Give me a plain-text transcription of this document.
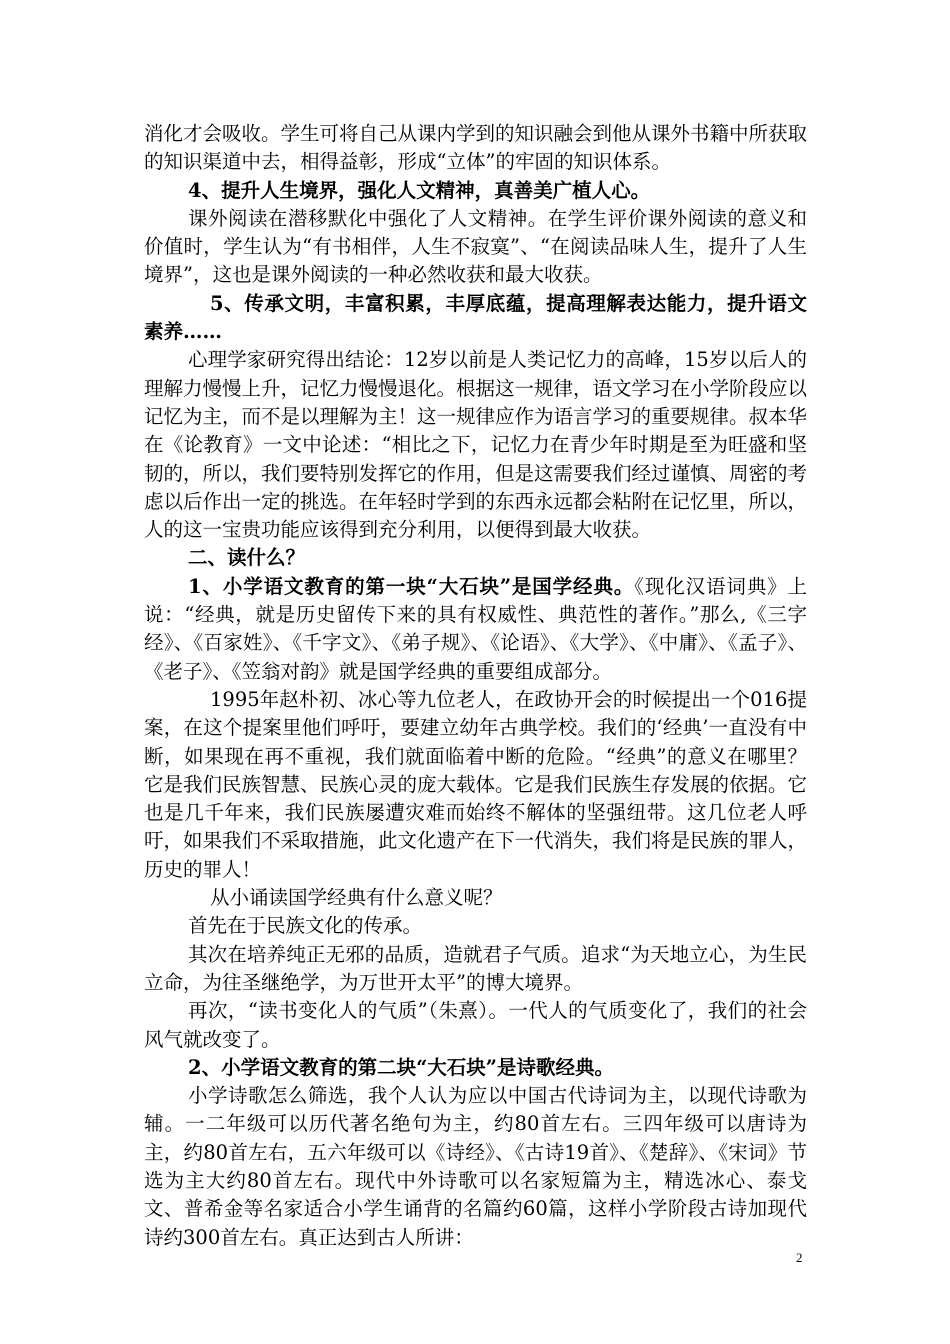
消化才会吸收。学生可将自己从课内学到的知识融会到他从课外书籍中所获取的知识渠道中去，相得益彰，形成“立体”的牢固的知识体系。

4、提升人生境界，强化人文精神，真善美广植人心。

课外阅读在潜移默化中强化了人文精神。在学生评价课外阅读的意义和价值时，学生认为“有书相伴，人生不寂寞”、“在阅读品味人生，提升了人生境界”，这也是课外阅读的一种必然收获和最大收获。

5、传承文明，丰富积累，丰厚底蕴，提高理解表达能力，提升语文素养……

心理学家研究得出结论：12岁以前是人类记忆力的高峰，15岁以后人的理解力慢慢上升，记忆力慢慢退化。根据这一规律，语文学习在小学阶段应以记忆为主，而不是以理解为主！这一规律应作为语言学习的重要规律。叔本华在《论教育》一文中论述：“相比之下，记忆力在青少年时期是至为旺盛和坚韧的，所以，我们要特别发挥它的作用，但是这需要我们经过谨慎、周密的考虑以后作出一定的挑选。在年轻时学到的东西永远都会粘附在记忆里，所以，人的这一宝贵功能应该得到充分利用，以便得到最大收获。

二、读什么？

1、小学语文教育的第一块“大石块”是国学经典。《现化汉语词典》上说：“经典，就是历史留传下来的具有权威性、典范性的著作。”那么,《三字经》、《百家姓》、《千字文》、《弟子规》、《论语》、《大学》、《中庸》、《孟子》、《老子》、《笠翁对韵》就是国学经典的重要组成部分。

1995年赵朴初、冰心等九位老人，在政协开会的时候提出一个016提案，在这个提案里他们呼吁，要建立幼年古典学校。我们的‘经典’一直没有中断，如果现在再不重视，我们就面临着中断的危险。“经典”的意义在哪里？它是我们民族智慧、民族心灵的庞大载体。它是我们民族生存发展的依据。它也是几千年来，我们民族屡遭灾难而始终不解体的坚强纽带。这几位老人呼吁，如果我们不采取措施，此文化遗产在下一代消失，我们将是民族的罪人，历史的罪人！

从小诵读国学经典有什么意义呢？

首先在于民族文化的传承。

其次在培养纯正无邪的品质，造就君子气质。追求“为天地立心，为生民立命，为往圣继绝学，为万世开太平”的博大境界。

再次，“读书变化人的气质”（朱熹）。一代人的气质变化了，我们的社会风气就改变了。

2、小学语文教育的第二块“大石块”是诗歌经典。

小学诗歌怎么筛选，我个人认为应以中国古代诗词为主，以现代诗歌为辅。一二年级可以历代著名绝句为主，约80首左右。三四年级可以唐诗为主，约80首左右，五六年级可以《诗经》、《古诗19首》、《楚辞》、《宋词》节选为主大约80首左右。现代中外诗歌可以名家短篇为主，精选冰心、泰戈文、普希金等名家适合小学生诵背的名篇约60篇，这样小学阶段古诗加现代诗约300首左右。真正达到古人所讲：

2
